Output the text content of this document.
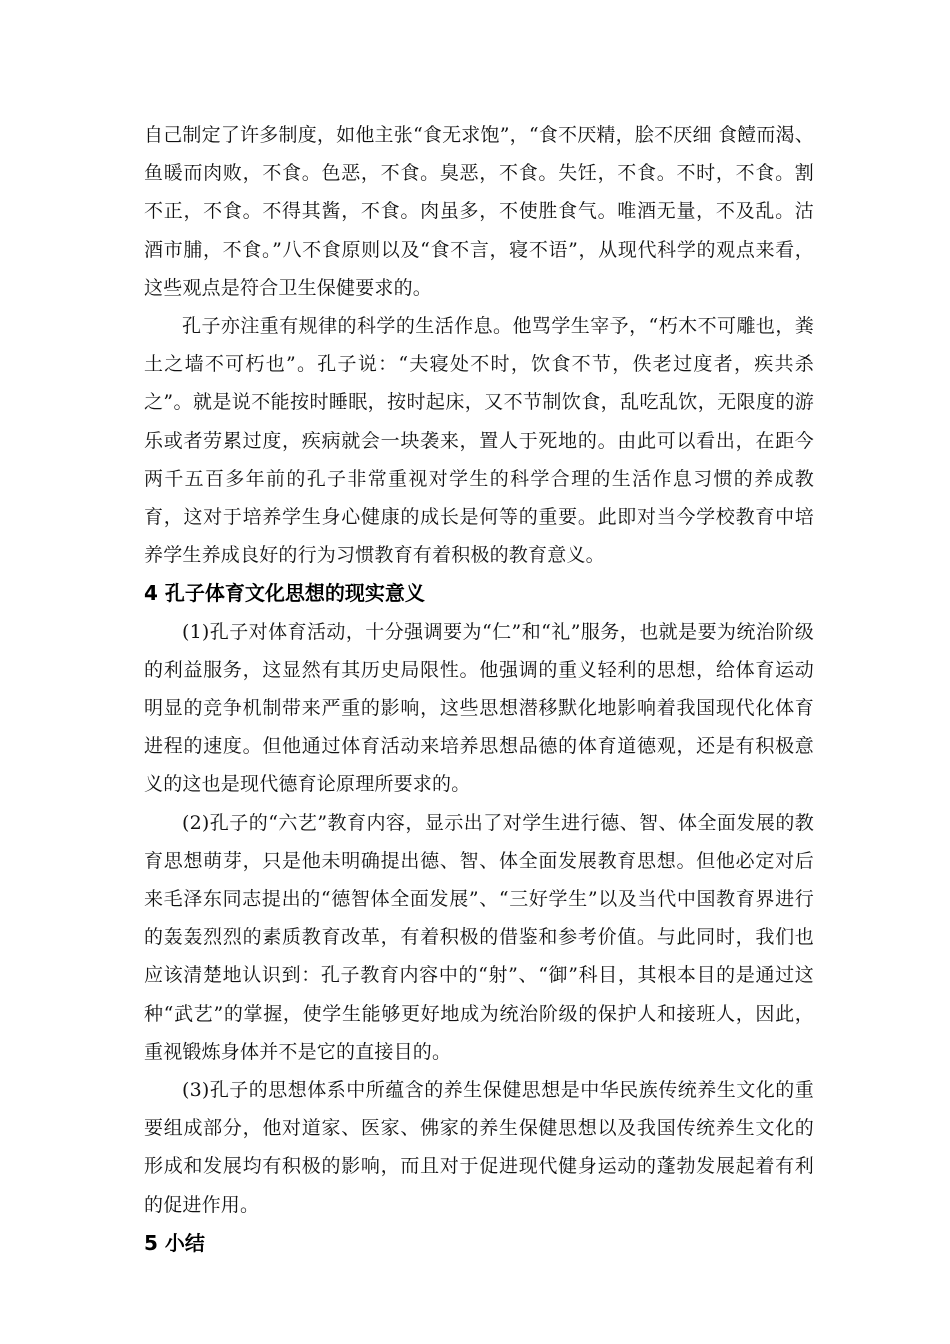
自己制定了许多制度，如他主张“食无求饱”，“食不厌精，脍不厌细 食饐而渴、鱼暖而肉败，不食。色恶，不食。臭恶，不食。失饪，不食。不时，不食。割不正，不食。不得其酱，不食。肉虽多，不使胜食气。唯酒无量，不及乱。沽酒市脯，不食。”八不食原则以及“食不言，寝不语”，从现代科学的观点来看，这些观点是符合卫生保健要求的。

孔子亦注重有规律的科学的生活作息。他骂学生宰予，“朽木不可雕也，粪土之墙不可朽也”。孔子说：“夫寝处不时，饮食不节，佚老过度者，疾共杀之”。就是说不能按时睡眠，按时起床，又不节制饮食，乱吃乱饮，无限度的游乐或者劳累过度，疾病就会一块袭来，置人于死地的。由此可以看出，在距今两千五百多年前的孔子非常重视对学生的科学合理的生活作息习惯的养成教育，这对于培养学生身心健康的成长是何等的重要。此即对当今学校教育中培养学生养成良好的行为习惯教育有着积极的教育意义。

4 孔子体育文化思想的现实意义

(1)孔子对体育活动，十分强调要为“仁”和“礼”服务，也就是要为统治阶级的利益服务，这显然有其历史局限性。他强调的重义轻利的思想，给体育运动明显的竞争机制带来严重的影响，这些思想潜移默化地影响着我国现代化体育进程的速度。但他通过体育活动来培养思想品德的体育道德观，还是有积极意义的这也是现代德育论原理所要求的。

(2)孔子的“六艺”教育内容，显示出了对学生进行德、智、体全面发展的教育思想萌芽，只是他未明确提出德、智、体全面发展教育思想。但他必定对后来毛泽东同志提出的“德智体全面发展”、“三好学生”以及当代中国教育界进行的轰轰烈烈的素质教育改革，有着积极的借鉴和参考价值。与此同时，我们也应该清楚地认识到：孔子教育内容中的“射”、“御”科目，其根本目的是通过这种“武艺”的掌握，使学生能够更好地成为统治阶级的保护人和接班人，因此，重视锻炼身体并不是它的直接目的。

(3)孔子的思想体系中所蕴含的养生保健思想是中华民族传统养生文化的重要组成部分，他对道家、医家、佛家的养生保健思想以及我国传统养生文化的形成和发展均有积极的影响，而且对于促进现代健身运动的蓬勃发展起着有利的促进作用。

5 小结
